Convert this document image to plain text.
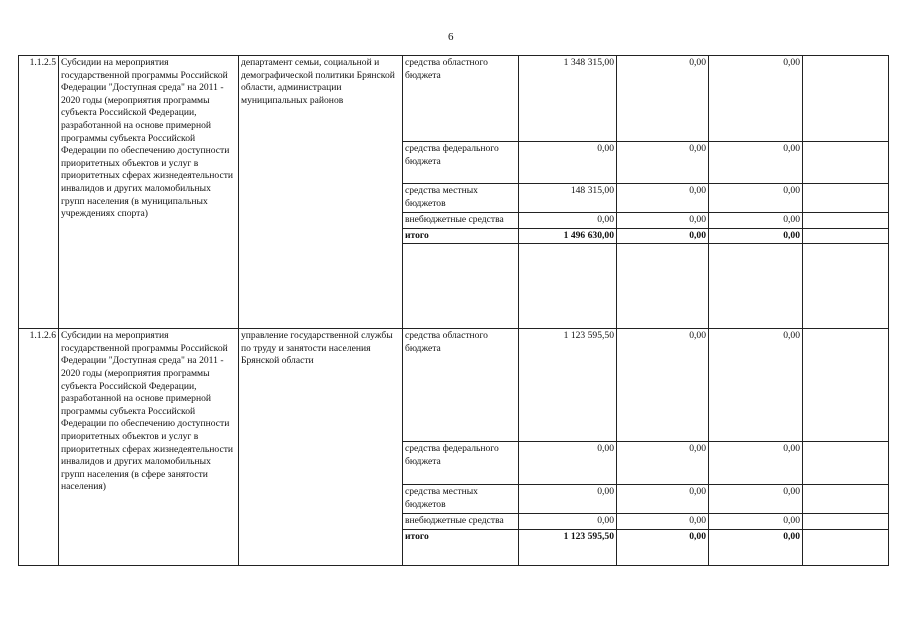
6
1.1.2.5	Субсидии на мероприятия государственной программы Российской Федерации "Доступная среда" на 2011 - 2020 годы (мероприятия программы субъекта Российской Федерации, разработанной на основе примерной программы субъекта Российской Федерации по обеспечению доступности приоритетных объектов и услуг в приоритетных сферах жизнедеятельности инвалидов и других маломобильных групп населения (в муниципальных учреждениях спорта)	департамент семьи, социальной и демографической политики Брянской области, администрации муниципальных районов	средства областного бюджета	1 348 315,00	0,00	0,00	
			средства федерального бюджета	0,00	0,00	0,00	
			средства местных бюджетов	148 315,00	0,00	0,00	
			внебюджетные средства	0,00	0,00	0,00	
			итого	1 496 630,00	0,00	0,00	

1.1.2.6	Субсидии на мероприятия государственной программы Российской Федерации "Доступная среда" на 2011 - 2020 годы (мероприятия программы субъекта Российской Федерации, разработанной на основе примерной программы субъекта Российской Федерации по обеспечению доступности приоритетных объектов и услуг в приоритетных сферах жизнедеятельности инвалидов и других маломобильных групп населения (в сфере занятости населения)	управление государственной службы по труду и занятости населения Брянской области	средства областного бюджета	1 123 595,50	0,00	0,00	
			средства федерального бюджета	0,00	0,00	0,00	
			средства местных бюджетов	0,00	0,00	0,00	
			внебюджетные средства	0,00	0,00	0,00	
			итого	1 123 595,50	0,00	0,00	
